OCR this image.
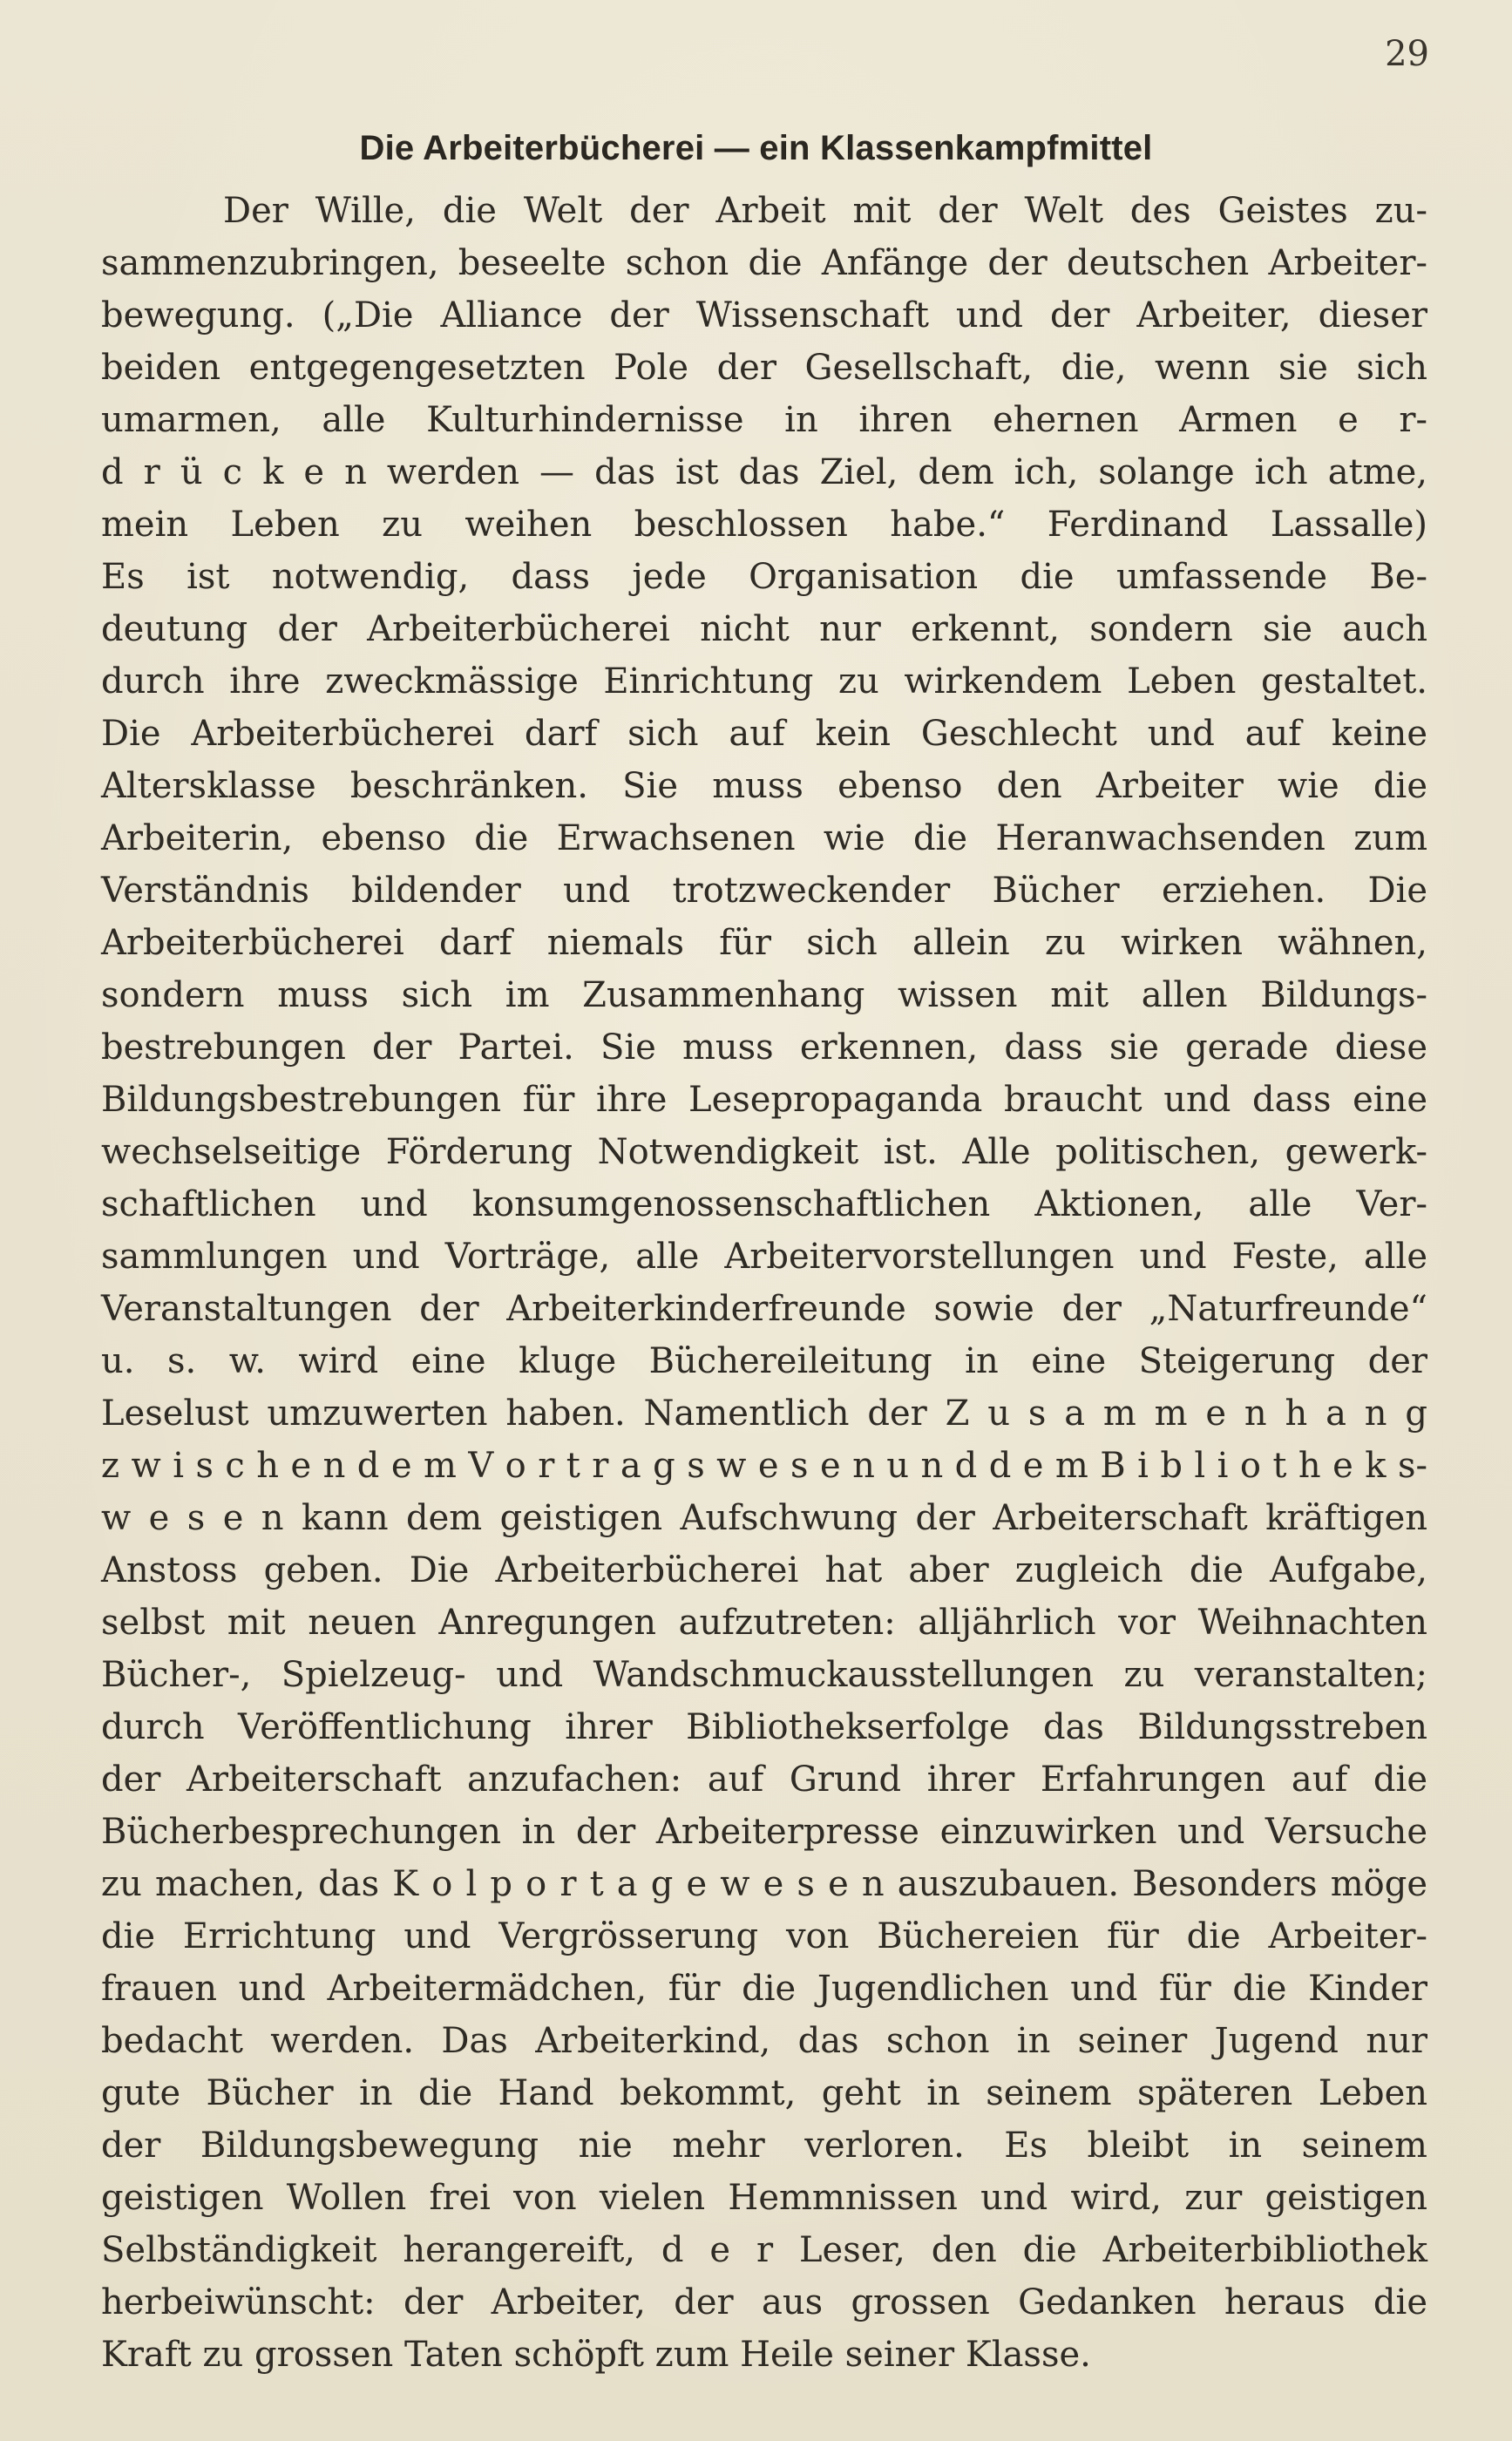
29
Die Arbeiterbücherei — ein Klassenkampfmittel
Der Wille, die Welt der Arbeit mit der Welt des Geistes zu-
sammenzubringen, beseelte schon die Anfänge der deutschen Arbeiter-
bewegung. („Die Alliance der Wissenschaft und der Arbeiter, dieser
beiden entgegengesetzten Pole der Gesellschaft, die, wenn sie sich
umarmen, alle Kulturhindernisse in ihren ehernen Armen e r-
d r ü c k e n werden — das ist das Ziel, dem ich, solange ich atme,
mein Leben zu weihen beschlossen habe.“ Ferdinand Lassalle)
Es ist notwendig, dass jede Organisation die umfassende Be-
deutung der Arbeiterbücherei nicht nur erkennt, sondern sie auch
durch ihre zweckmässige Einrichtung zu wirkendem Leben gestaltet.
Die Arbeiterbücherei darf sich auf kein Geschlecht und auf keine
Altersklasse beschränken. Sie muss ebenso den Arbeiter wie die
Arbeiterin, ebenso die Erwachsenen wie die Heranwachsenden zum
Verständnis bildender und trotzweckender Bücher erziehen. Die
Arbeiterbücherei darf niemals für sich allein zu wirken wähnen,
sondern muss sich im Zusammenhang wissen mit allen Bildungs-
bestrebungen der Partei. Sie muss erkennen, dass sie gerade diese
Bildungsbestrebungen für ihre Lesepropaganda braucht und dass eine
wechselseitige Förderung Notwendigkeit ist. Alle politischen, gewerk-
schaftlichen und konsumgenossenschaftlichen Aktionen, alle Ver-
sammlungen und Vorträge, alle Arbeitervorstellungen und Feste, alle
Veranstaltungen der Arbeiterkinderfreunde sowie der „Naturfreunde“
u. s. w. wird eine kluge Büchereileitung in eine Steigerung der
Leselust umzuwerten haben. Namentlich der Z u s a m m e n h a n g
z w i s c h e n d e m V o r t r a g s w e s e n u n d d e m B i b l i o t h e k s-
w e s e n kann dem geistigen Aufschwung der Arbeiterschaft kräftigen
Anstoss geben. Die Arbeiterbücherei hat aber zugleich die Aufgabe,
selbst mit neuen Anregungen aufzutreten: alljährlich vor Weihnachten
Bücher-, Spielzeug- und Wandschmuckausstellungen zu veranstalten;
durch Veröffentlichung ihrer Bibliothekserfolge das Bildungsstreben
der Arbeiterschaft anzufachen: auf Grund ihrer Erfahrungen auf die
Bücherbesprechungen in der Arbeiterpresse einzuwirken und Versuche
zu machen, das K o l p o r t a g e w e s e n auszubauen. Besonders möge
die Errichtung und Vergrösserung von Büchereien für die Arbeiter-
frauen und Arbeitermädchen, für die Jugendlichen und für die Kinder
bedacht werden. Das Arbeiterkind, das schon in seiner Jugend nur
gute Bücher in die Hand bekommt, geht in seinem späteren Leben
der Bildungsbewegung nie mehr verloren. Es bleibt in seinem
geistigen Wollen frei von vielen Hemmnissen und wird, zur geistigen
Selbständigkeit herangereift, d e r Leser, den die Arbeiterbibliothek
herbeiwünscht: der Arbeiter, der aus grossen Gedanken heraus die
Kraft zu grossen Taten schöpft zum Heile seiner Klasse.
